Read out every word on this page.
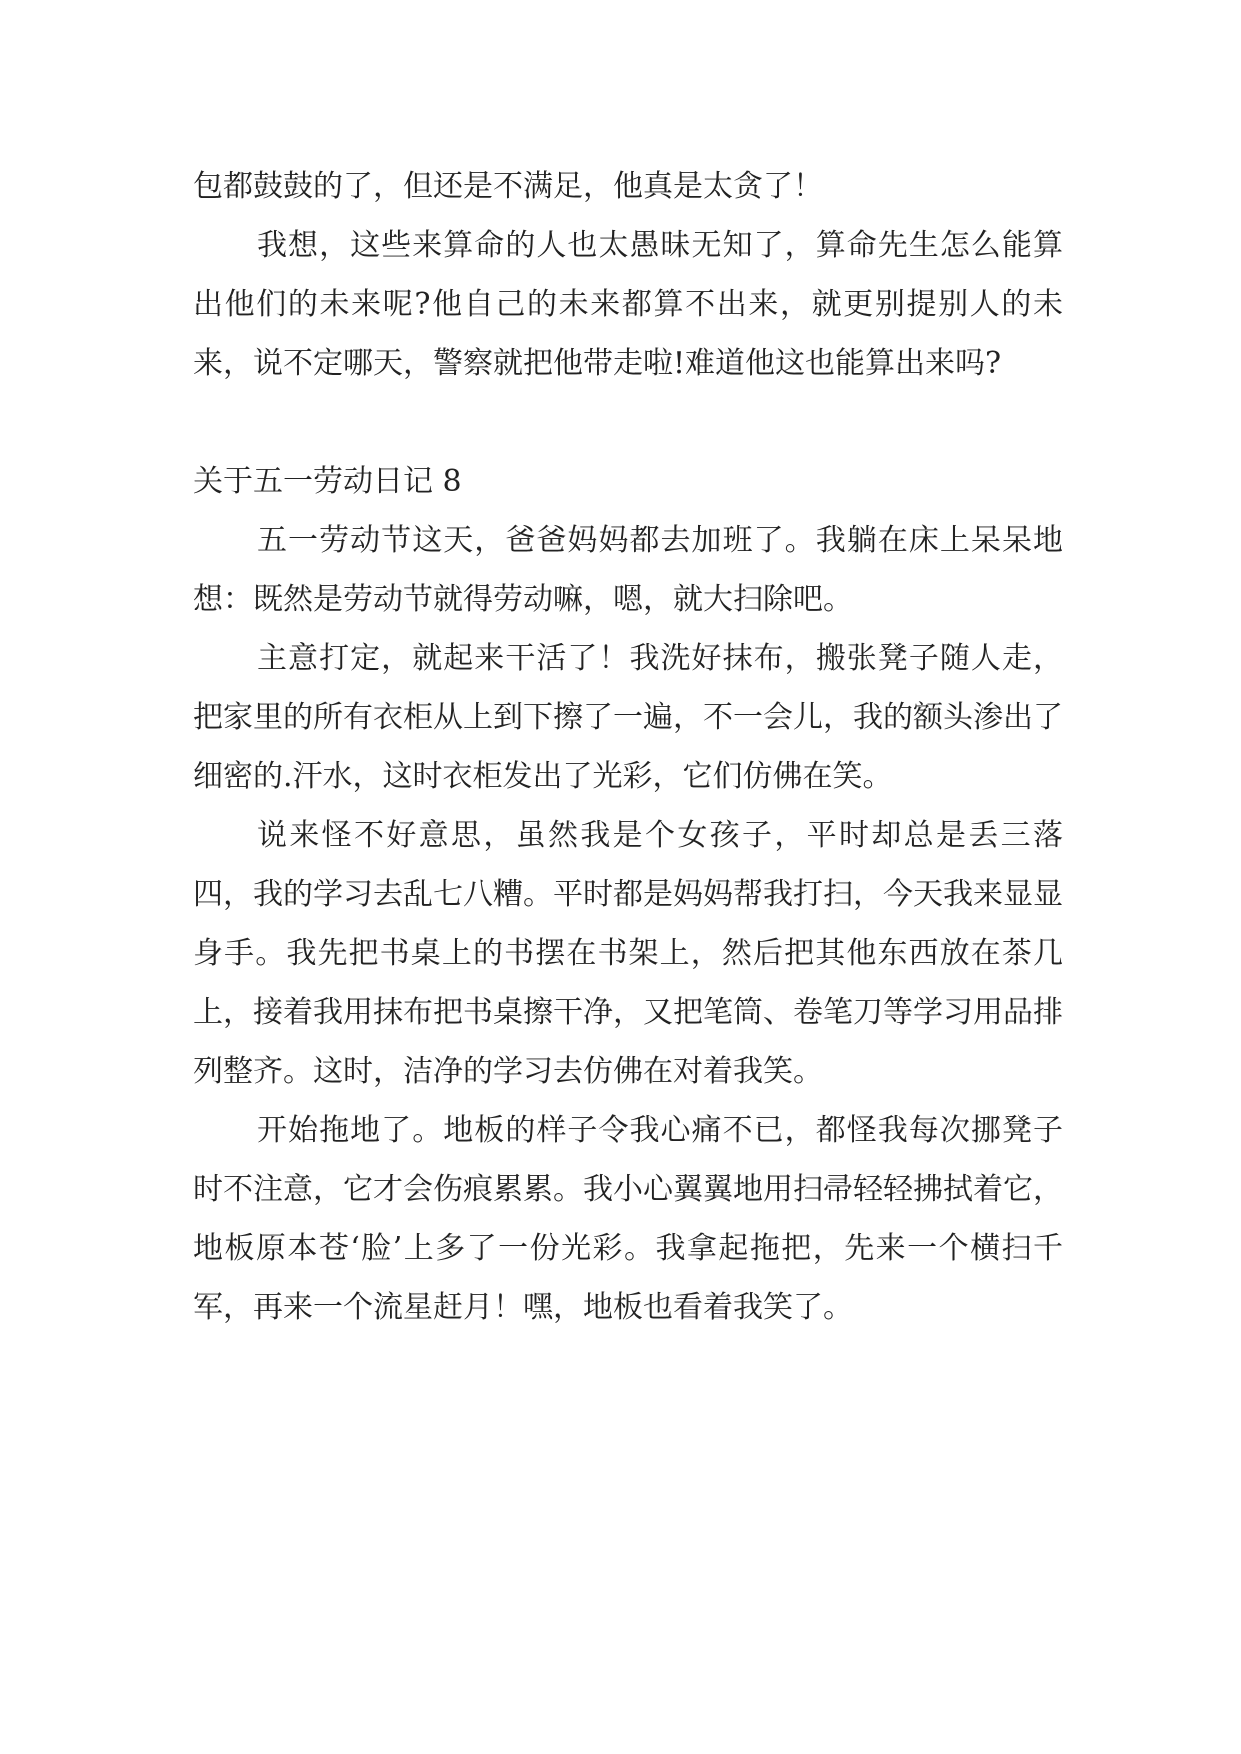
包都鼓鼓的了，但还是不满足，他真是太贪了！

我想，这些来算命的人也太愚昧无知了，算命先生怎么能算出他们的未来呢?他自己的未来都算不出来，就更别提别人的未来，说不定哪天，警察就把他带走啦!难道他这也能算出来吗?

关于五一劳动日记 8

五一劳动节这天，爸爸妈妈都去加班了。我躺在床上呆呆地想：既然是劳动节就得劳动嘛，嗯，就大扫除吧。

主意打定，就起来干活了！我洗好抹布，搬张凳子随人走，把家里的所有衣柜从上到下擦了一遍，不一会儿，我的额头渗出了细密的.汗水，这时衣柜发出了光彩，它们仿佛在笑。

说来怪不好意思，虽然我是个女孩子，平时却总是丢三落四，我的学习去乱七八糟。平时都是妈妈帮我打扫，今天我来显显身手。我先把书桌上的书摆在书架上，然后把其他东西放在茶几上，接着我用抹布把书桌擦干净，又把笔筒、卷笔刀等学习用品排列整齐。这时，洁净的学习去仿佛在对着我笑。

开始拖地了。地板的样子令我心痛不已，都怪我每次挪凳子时不注意，它才会伤痕累累。我小心翼翼地用扫帚轻轻拂拭着它，地板原本苍‘脸’上多了一份光彩。我拿起拖把，先来一个横扫千军，再来一个流星赶月！嘿，地板也看着我笑了。
